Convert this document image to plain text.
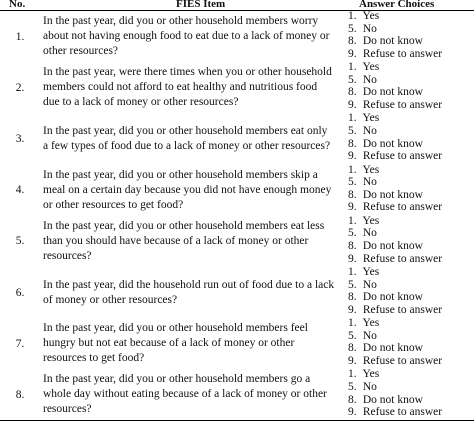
No.	FIES Item	Answer Choices
1.
In the past year, did you or other household members worry about not having enough food to eat due to a lack of money or other resources?
1. Yes
5. No
8. Do not know
9. Refuse to answer
2.
In the past year, were there times when you or other household members could not afford to eat healthy and nutritious food due to a lack of money or other resources?
1. Yes
5. No
8. Do not know
9. Refuse to answer
3.
In the past year, did you or other household members eat only a few types of food due to a lack of money or other resources?
1. Yes
5. No
8. Do not know
9. Refuse to answer
4.
In the past year, did you or other household members skip a meal on a certain day because you did not have enough money or other resources to get food?
1. Yes
5. No
8. Do not know
9. Refuse to answer
5.
In the past year, did you or other household members eat less than you should have because of a lack of money or other resources?
1. Yes
5. No
8. Do not know
9. Refuse to answer
6.
In the past year, did the household run out of food due to a lack of money or other resources?
1. Yes
5. No
8. Do not know
9. Refuse to answer
7.
In the past year, did you or other household members feel hungry but not eat because of a lack of money or other resources to get food?
1. Yes
5. No
8. Do not know
9. Refuse to answer
8.
In the past year, did you or other household members go a whole day without eating because of a lack of money or other resources?
1. Yes
5. No
8. Do not know
9. Refuse to answer
